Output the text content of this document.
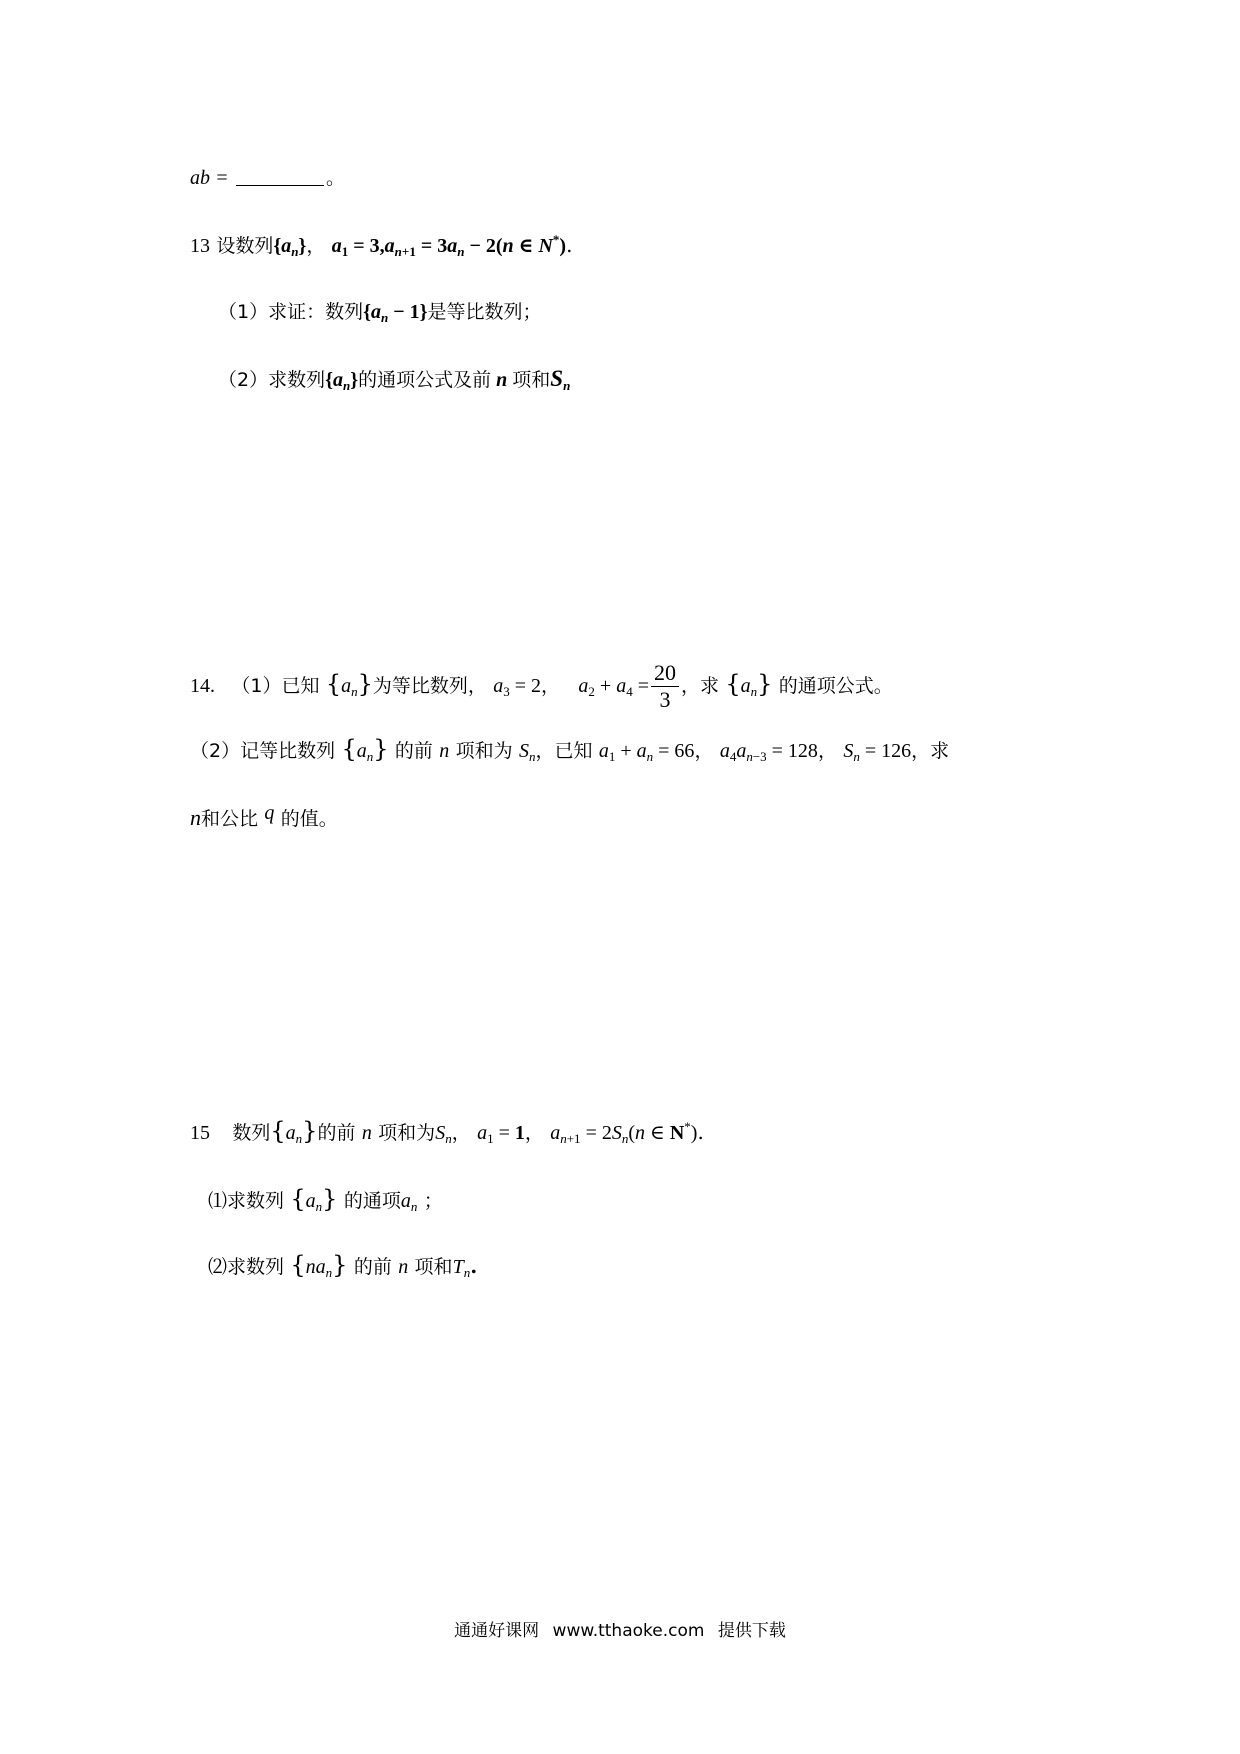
ab =	。
13 设数列$\{a_n\}$， $a_1 = 3,a_{n+1} = 3a_n - 2(n$ ∈ N*).
（1）求证：数列$\{a_n - 1\}$是等比数列；
（2）求数列$\{a_n\}$的通项公式及前 n 项和$S_n$
14. （1）已知 $\{a_n\}$为等比数列， $a_3 = 2$， $a_2 + a_4 = \frac{20}{3}$ ，求 $\{a_n\}$ 的通项公式。
（2）记等比数列 $\{a_n\}$ 的前 n 项和为 $S_n$，已知 $a_1 + a_n = 66$， $a_4a_{n-3} = 128$， $S_n = 126$，求
n和公比 q 的值。
15 数列$\{a_n\}$的前 n 项和为$S_n$， $a_1 = 1$， $a_{n+1} = 2S_n(n$ ∈ N*).
⑴求数列 $\{a_n\}$ 的通项$a_n$ ；
⑵求数列 $\{na_n\}$ 的前 n 项和$T_n$.
通通好课网 www.tthaoke.com 提供下载
